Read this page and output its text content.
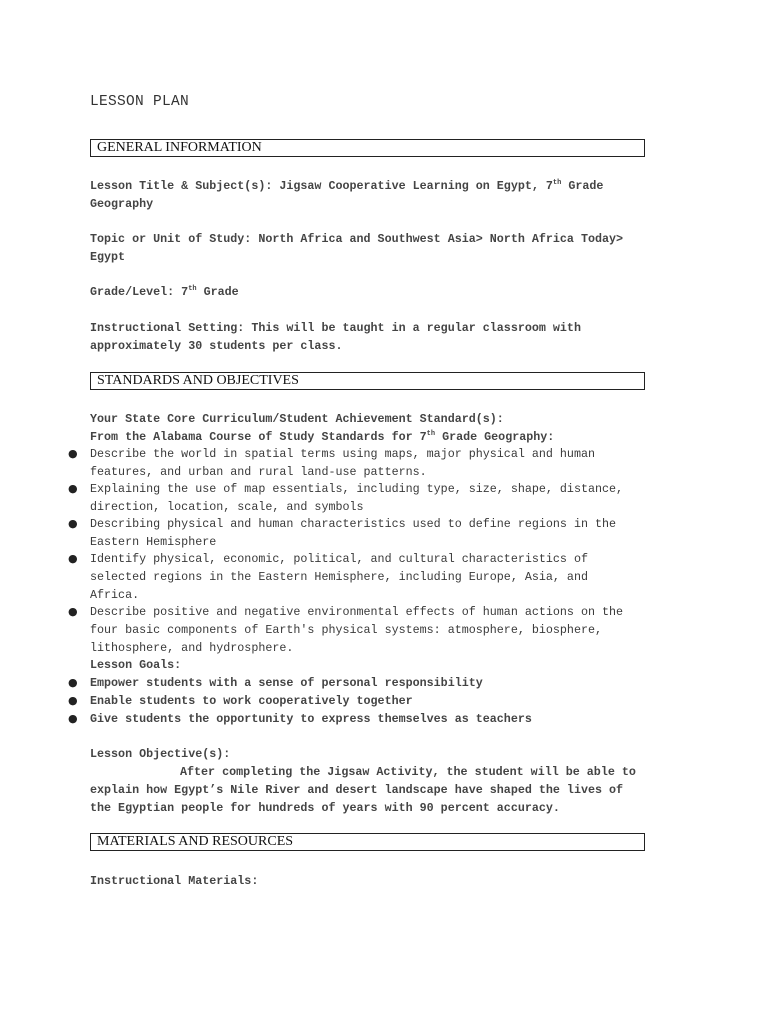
LESSON PLAN
GENERAL INFORMATION
Lesson Title & Subject(s): Jigsaw Cooperative Learning on Egypt, 7th Grade
Geography
Topic or Unit of Study: North Africa and Southwest Asia> North Africa Today>
Egypt
Grade/Level: 7th Grade
Instructional Setting: This will be taught in a regular classroom with
approximately 30 students per class.
STANDARDS AND OBJECTIVES
Your State Core Curriculum/Student Achievement Standard(s):
From the Alabama Course of Study Standards for 7th Grade Geography:
● Describe the world in spatial terms using maps, major physical and human
features, and urban and rural land-use patterns.
● Explaining the use of map essentials, including type, size, shape, distance,
direction, location, scale, and symbols
● Describing physical and human characteristics used to define regions in the
Eastern Hemisphere
● Identify physical, economic, political, and cultural characteristics of
selected regions in the Eastern Hemisphere, including Europe, Asia, and
Africa.
● Describe positive and negative environmental effects of human actions on the
four basic components of Earth's physical systems: atmosphere, biosphere,
lithosphere, and hydrosphere.
Lesson Goals:
● Empower students with a sense of personal responsibility
● Enable students to work cooperatively together
● Give students the opportunity to express themselves as teachers
Lesson Objective(s):
After completing the Jigsaw Activity, the student will be able to
explain how Egypt’s Nile River and desert landscape have shaped the lives of
the Egyptian people for hundreds of years with 90 percent accuracy.
MATERIALS AND RESOURCES
Instructional Materials:
